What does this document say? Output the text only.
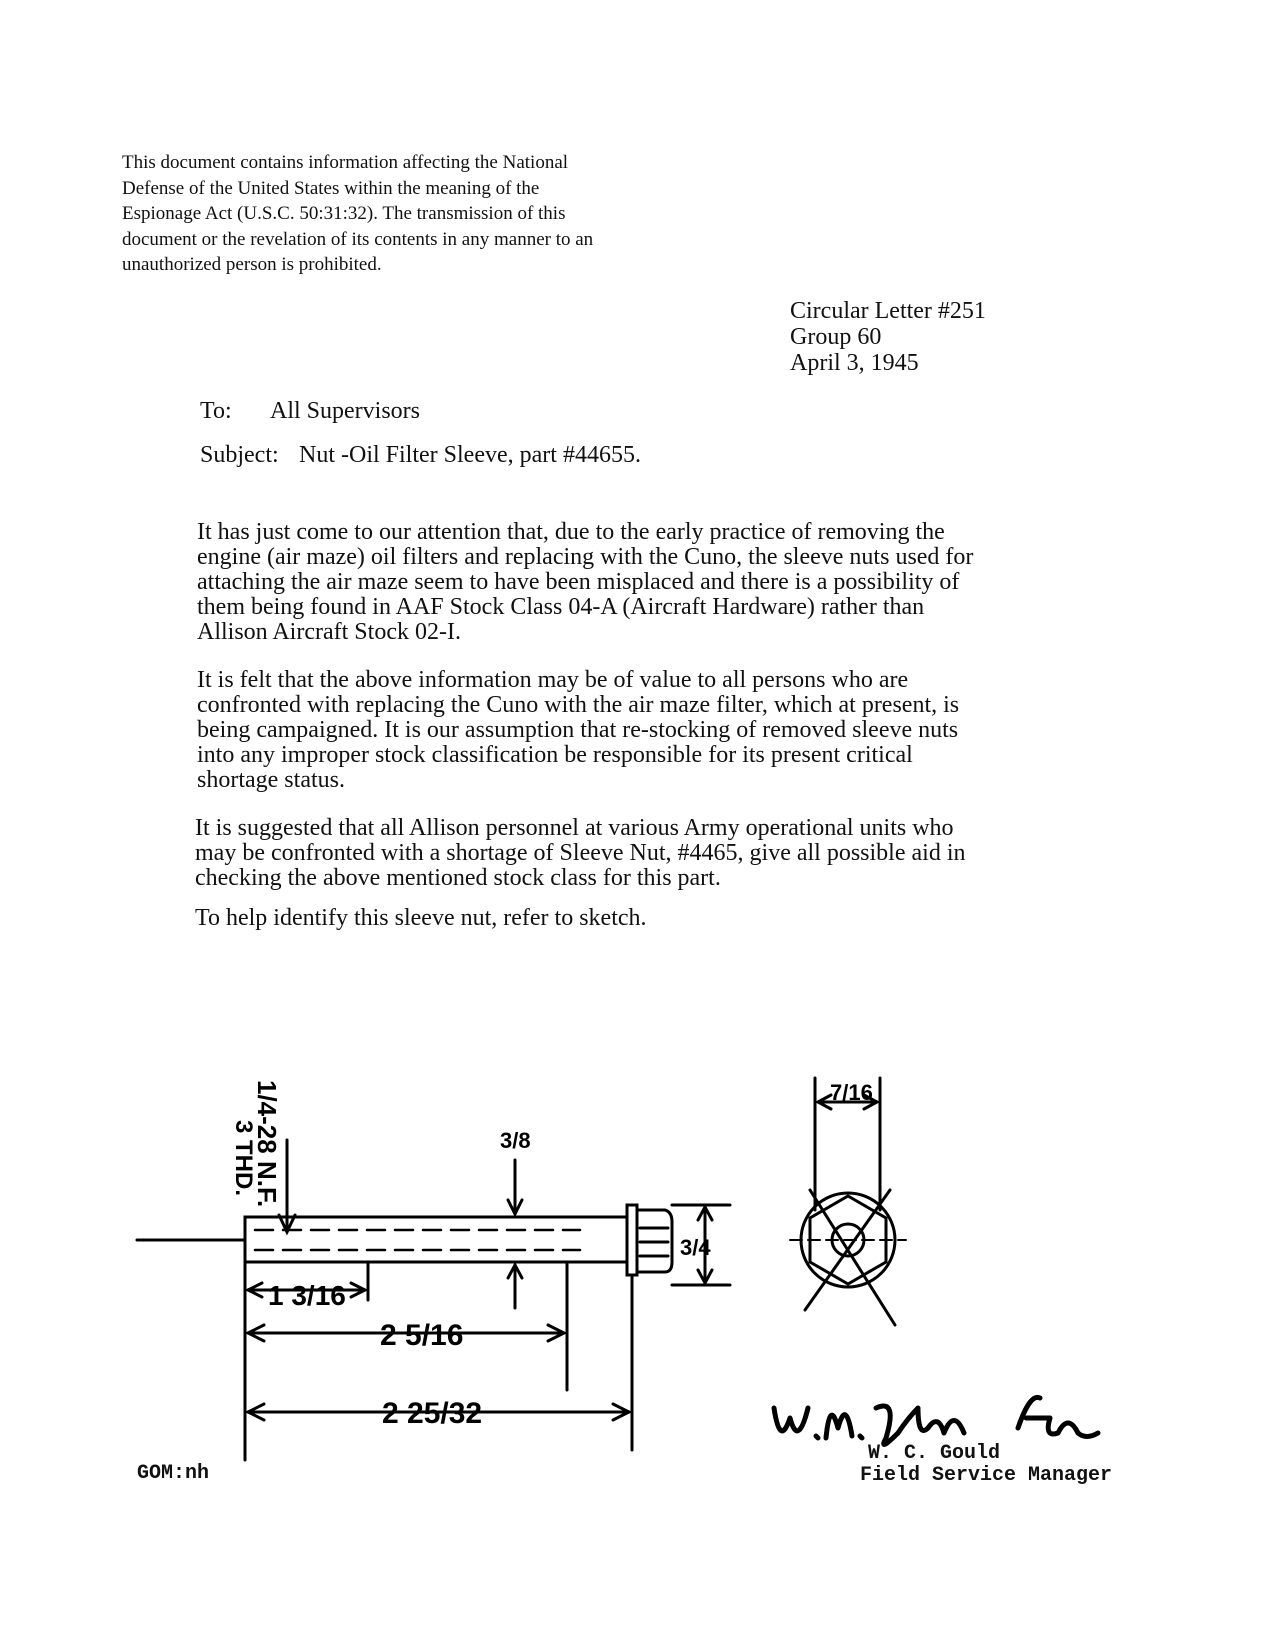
This document contains information affecting the National
Defense of the United States within the meaning of the
Espionage Act (U.S.C. 50:31:32). The transmission of this
document or the revelation of its contents in any manner to an
unauthorized person is prohibited.
Circular Letter #251
Group 60
April 3, 1945
To: All Supervisors
Subject: Nut -Oil Filter Sleeve, part #44655.
It has just come to our attention that, due to the early practice of removing the
engine (air maze) oil filters and replacing with the Cuno, the sleeve nuts used for
attaching the air maze seem to have been misplaced and there is a possibility of
them being found in AAF Stock Class 04-A (Aircraft Hardware) rather than
Allison Aircraft Stock 02-I.
It is felt that the above information may be of value to all persons who are
confronted with replacing the Cuno with the air maze filter, which at present, is
being campaigned. It is our assumption that re-stocking of removed sleeve nuts
into any improper stock classification be responsible for its present critical
shortage status.
It is suggested that all Allison personnel at various Army operational units who
may be confronted with a shortage of Sleeve Nut, #4465, give all possible aid in
checking the above mentioned stock class for this part.
To help identify this sleeve nut, refer to sketch.
1/4-28 N.F.
3 THD.
1 3/16
2 5/16
2 25/32
3/8
3/4
7/16
GOM:nh
W. C. Gould
Field Service Manager
